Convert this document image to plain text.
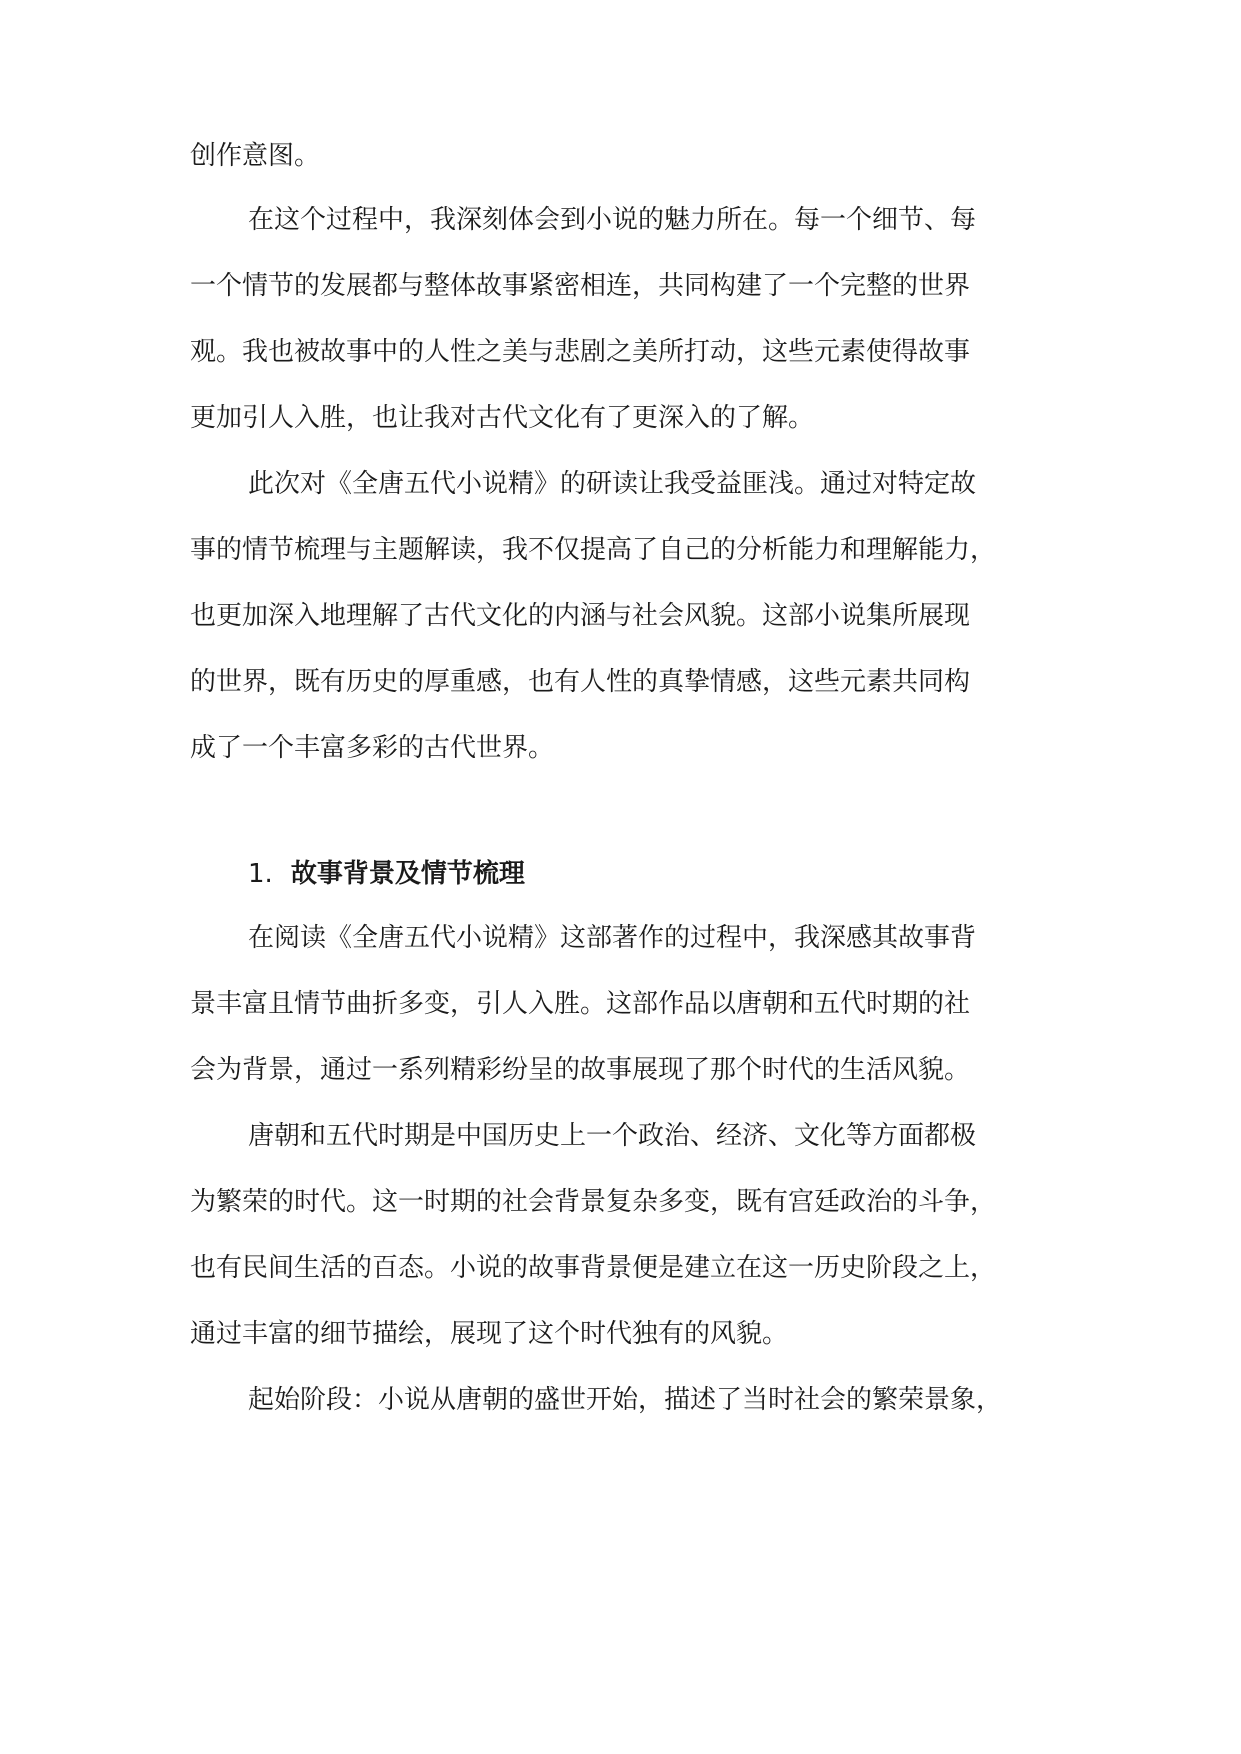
创作意图。
在这个过程中，我深刻体会到小说的魅力所在。每一个细节、每
一个情节的发展都与整体故事紧密相连，共同构建了一个完整的世界
观。我也被故事中的人性之美与悲剧之美所打动，这些元素使得故事
更加引人入胜，也让我对古代文化有了更深入的了解。
此次对《全唐五代小说精》的研读让我受益匪浅。通过对特定故
事的情节梳理与主题解读，我不仅提高了自己的分析能力和理解能力，
也更加深入地理解了古代文化的内涵与社会风貌。这部小说集所展现
的世界，既有历史的厚重感，也有人性的真挚情感，这些元素共同构
成了一个丰富多彩的古代世界。
1. 故事背景及情节梳理
在阅读《全唐五代小说精》这部著作的过程中，我深感其故事背
景丰富且情节曲折多变，引人入胜。这部作品以唐朝和五代时期的社
会为背景，通过一系列精彩纷呈的故事展现了那个时代的生活风貌。
唐朝和五代时期是中国历史上一个政治、经济、文化等方面都极
为繁荣的时代。这一时期的社会背景复杂多变，既有宫廷政治的斗争，
也有民间生活的百态。小说的故事背景便是建立在这一历史阶段之上，
通过丰富的细节描绘，展现了这个时代独有的风貌。
起始阶段：小说从唐朝的盛世开始，描述了当时社会的繁荣景象，
